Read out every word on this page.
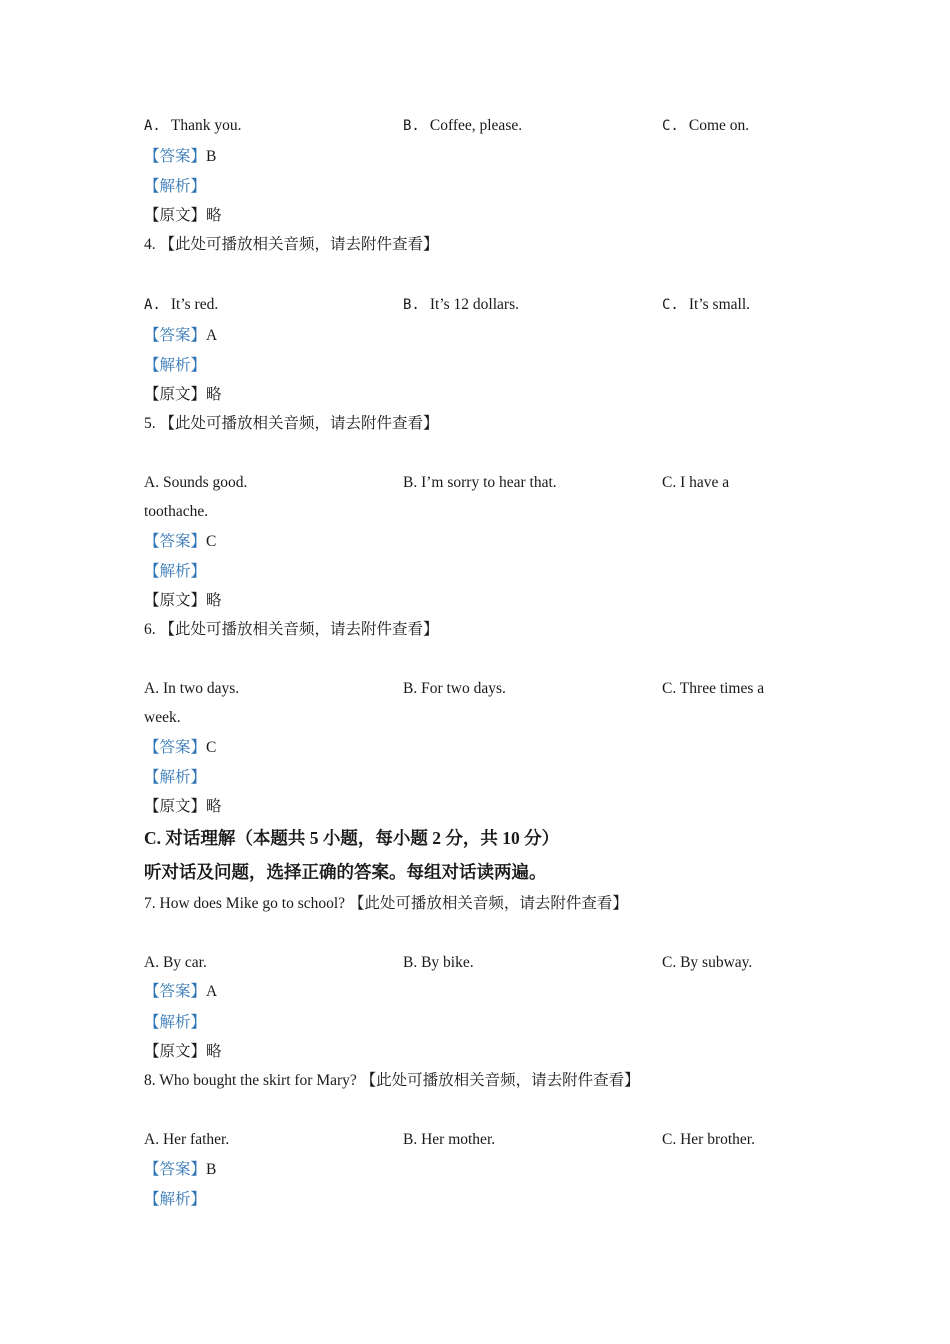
A. Thank you.	B. Coffee, please.	C. Come on.
【答案】B
【解析】
【原文】略
4. 【此处可播放相关音频，请去附件查看】
A. It’s red.	B. It’s 12 dollars.	C. It’s small.
【答案】A
【解析】
【原文】略
5. 【此处可播放相关音频，请去附件查看】
A. Sounds good.	B. I’m sorry to hear that.	C. I have a
toothache.
【答案】C
【解析】
【原文】略
6. 【此处可播放相关音频，请去附件查看】
A. In two days.	B. For two days.	C. Three times a
week.
【答案】C
【解析】
【原文】略
C. 对话理解（本题共 5 小题，每小题 2 分，共 10 分）
听对话及问题，选择正确的答案。每组对话读两遍。
7. How does Mike go to school? 【此处可播放相关音频，请去附件查看】
A. By car.	B. By bike.	C. By subway.
【答案】A
【解析】
【原文】略
8. Who bought the skirt for Mary? 【此处可播放相关音频，请去附件查看】
A. Her father.	B. Her mother.	C. Her brother.
【答案】B
【解析】
